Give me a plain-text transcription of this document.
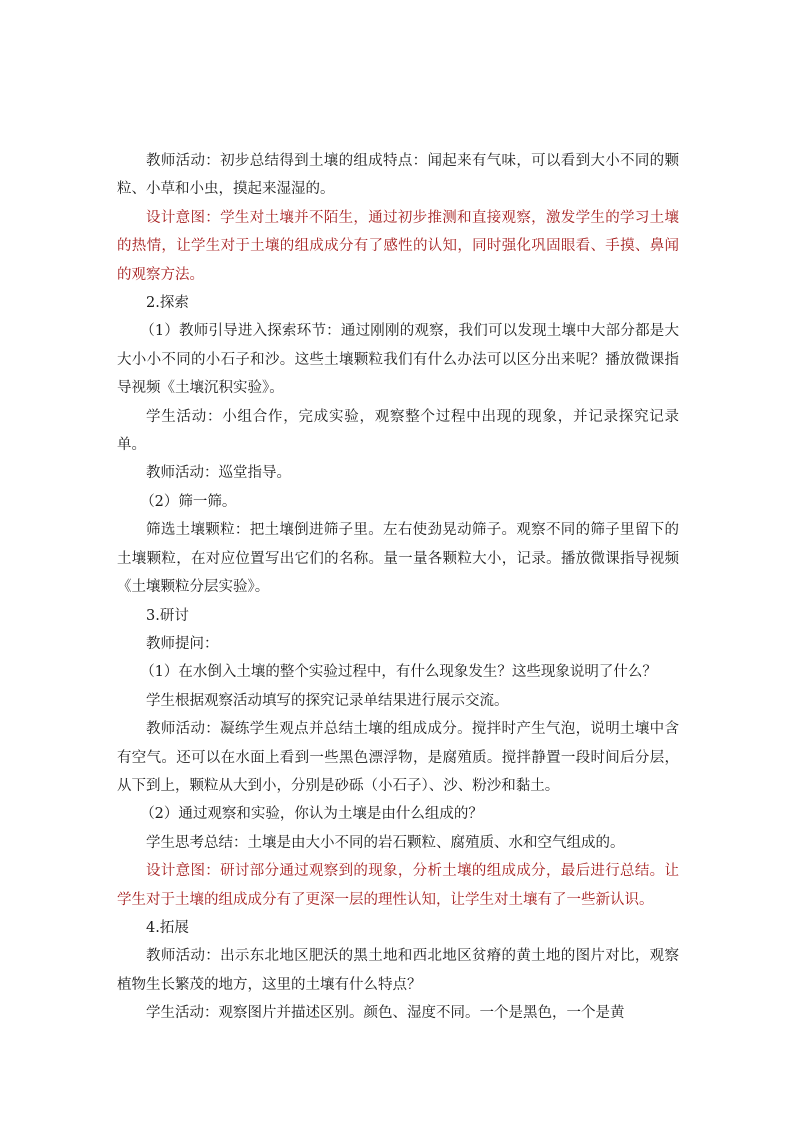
教师活动：初步总结得到土壤的组成特点：闻起来有气味，可以看到大小不同的颗粒、小草和小虫，摸起来湿湿的。

设计意图：学生对土壤并不陌生，通过初步推测和直接观察，激发学生的学习土壤的热情，让学生对于土壤的组成成分有了感性的认知，同时强化巩固眼看、手摸、鼻闻的观察方法。

2.探索

（1）教师引导进入探索环节：通过刚刚的观察，我们可以发现土壤中大部分都是大大小小不同的小石子和沙。这些土壤颗粒我们有什么办法可以区分出来呢？播放微课指导视频《土壤沉积实验》。

学生活动：小组合作，完成实验，观察整个过程中出现的现象，并记录探究记录单。

教师活动：巡堂指导。

（2）筛一筛。

筛选土壤颗粒：把土壤倒进筛子里。左右使劲晃动筛子。观察不同的筛子里留下的土壤颗粒，在对应位置写出它们的名称。量一量各颗粒大小，记录。播放微课指导视频《土壤颗粒分层实验》。

3.研讨

教师提问：

（1）在水倒入土壤的整个实验过程中，有什么现象发生？这些现象说明了什么？

学生根据观察活动填写的探究记录单结果进行展示交流。

教师活动：凝练学生观点并总结土壤的组成成分。搅拌时产生气泡，说明土壤中含有空气。还可以在水面上看到一些黑色漂浮物，是腐殖质。搅拌静置一段时间后分层，从下到上，颗粒从大到小，分别是砂砾（小石子）、沙、粉沙和黏土。

（2）通过观察和实验，你认为土壤是由什么组成的？

学生思考总结：土壤是由大小不同的岩石颗粒、腐殖质、水和空气组成的。

设计意图：研讨部分通过观察到的现象，分析土壤的组成成分，最后进行总结。让学生对于土壤的组成成分有了更深一层的理性认知，让学生对土壤有了一些新认识。

4.拓展

教师活动：出示东北地区肥沃的黑土地和西北地区贫瘠的黄土地的图片对比，观察植物生长繁茂的地方，这里的土壤有什么特点？

学生活动：观察图片并描述区别。颜色、湿度不同。一个是黑色，一个是黄
